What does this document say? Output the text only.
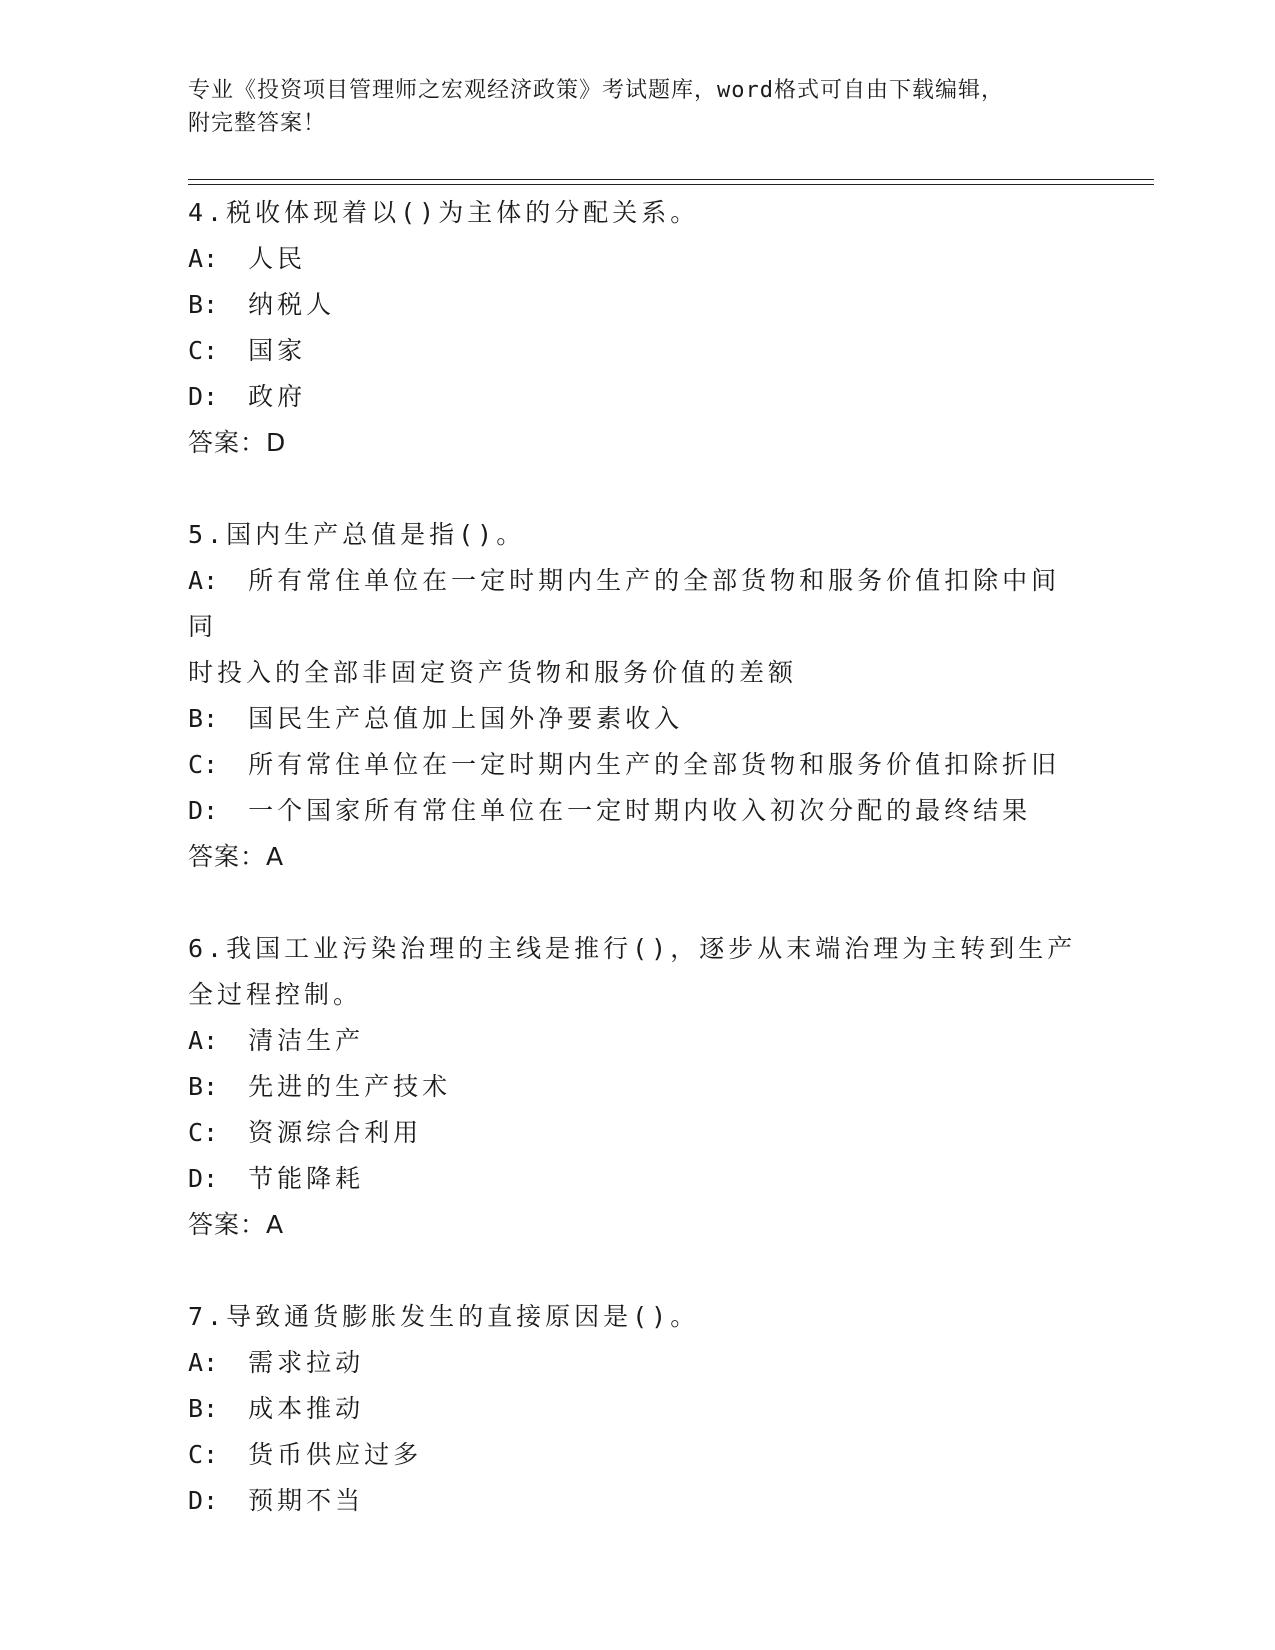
专业《投资项目管理师之宏观经济政策》考试题库，word格式可自由下载编辑，
附完整答案！
4.税收体现着以()为主体的分配关系。
A: 人民
B: 纳税人
C: 国家
D: 政府
答案：D
5.国内生产总值是指()。
A: 所有常住单位在一定时期内生产的全部货物和服务价值扣除中间同
时投入的全部非固定资产货物和服务价值的差额
B: 国民生产总值加上国外净要素收入
C: 所有常住单位在一定时期内生产的全部货物和服务价值扣除折旧
D: 一个国家所有常住单位在一定时期内收入初次分配的最终结果
答案：A
6.我国工业污染治理的主线是推行()，逐步从末端治理为主转到生产
全过程控制。
A: 清洁生产
B: 先进的生产技术
C: 资源综合利用
D: 节能降耗
答案：A
7.导致通货膨胀发生的直接原因是()。
A: 需求拉动
B: 成本推动
C: 货币供应过多
D: 预期不当
